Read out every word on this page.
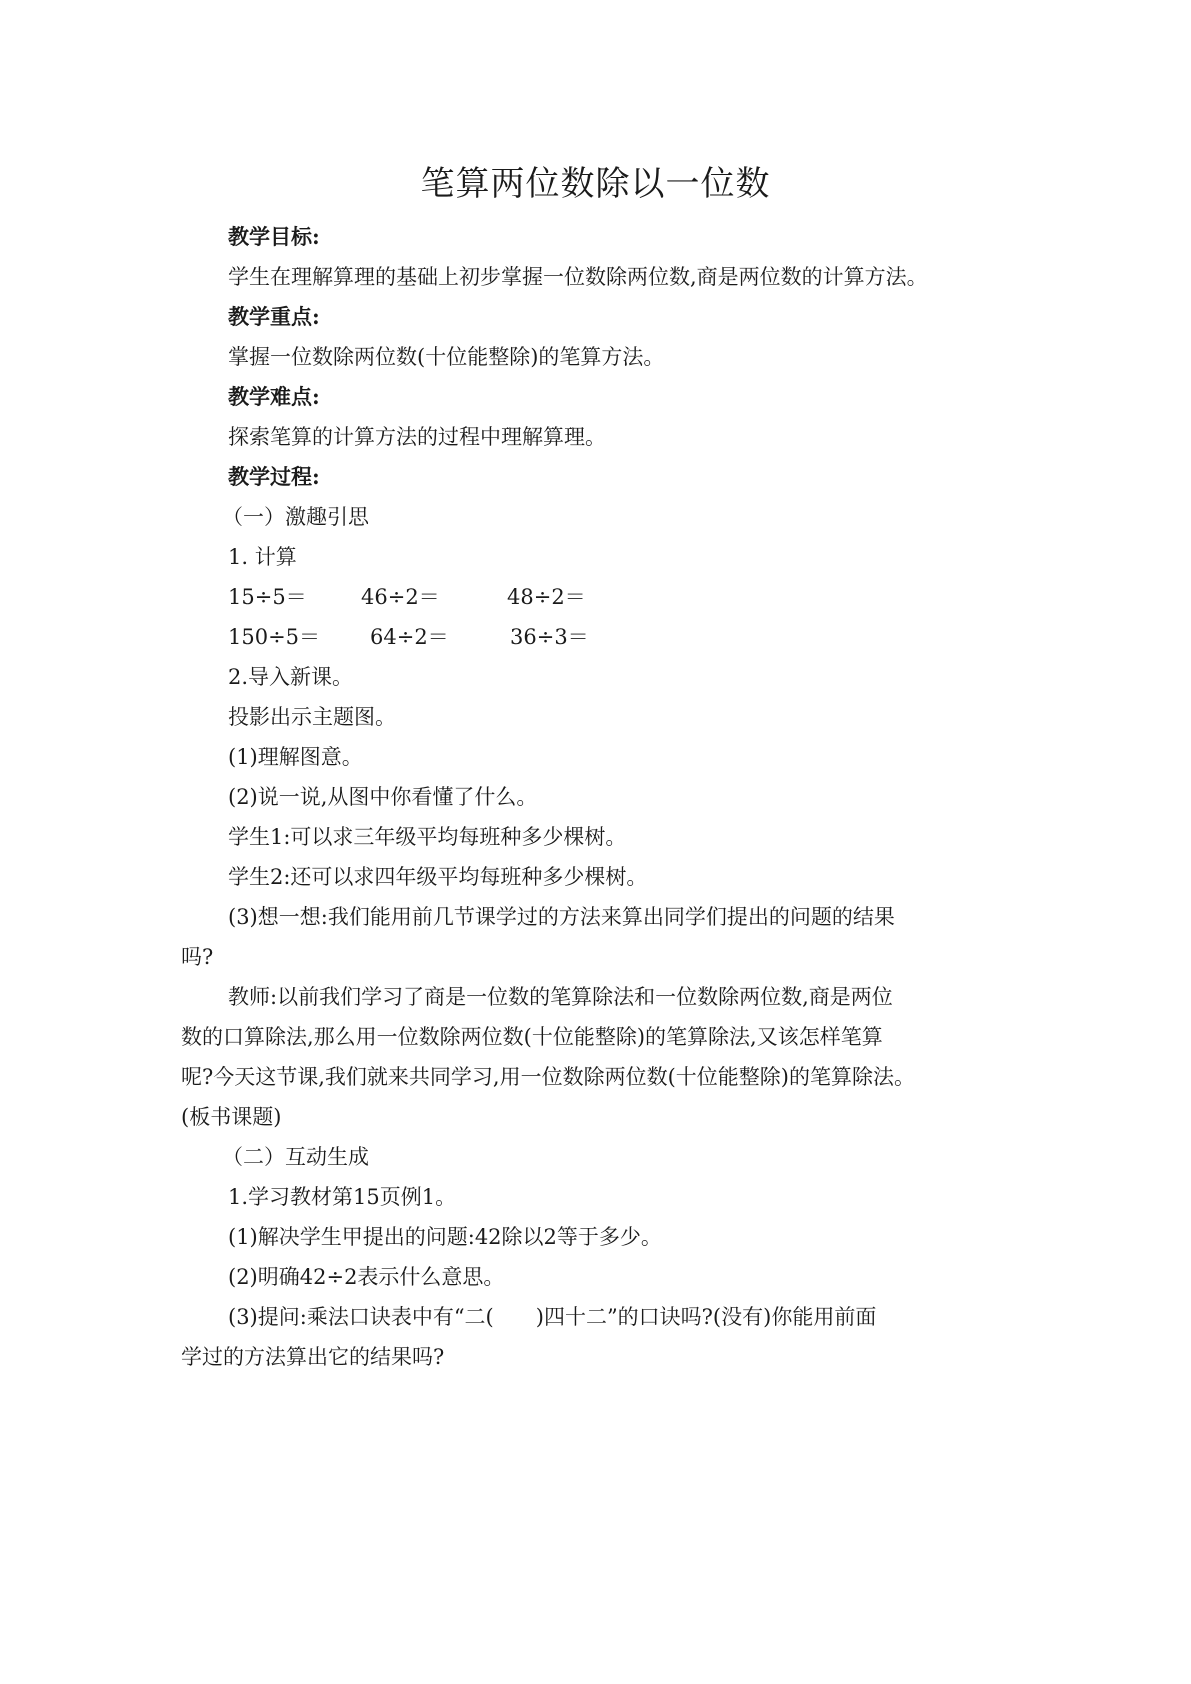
笔算两位数除以一位数
教学目标:
学生在理解算理的基础上初步掌握一位数除两位数,商是两位数的计算方法。
教学重点:
掌握一位数除两位数(十位能整除)的笔算方法。
教学难点:
探索笔算的计算方法的过程中理解算理。
教学过程:
（一）激趣引思
1. 计算
15÷5＝	46÷2＝	48÷2＝
150÷5＝ 64÷2＝	36÷3＝
2.导入新课。
投影出示主题图。
(1)理解图意。
(2)说一说,从图中你看懂了什么。
学生1:可以求三年级平均每班种多少棵树。
学生2:还可以求四年级平均每班种多少棵树。
(3)想一想:我们能用前几节课学过的方法来算出同学们提出的问题的结果
吗?
教师:以前我们学习了商是一位数的笔算除法和一位数除两位数,商是两位
数的口算除法,那么用一位数除两位数(十位能整除)的笔算除法,又该怎样笔算
呢?今天这节课,我们就来共同学习,用一位数除两位数(十位能整除)的笔算除法。
(板书课题)
（二）互动生成
1.学习教材第15页例1。
(1)解决学生甲提出的问题:42除以2等于多少。
(2)明确42÷2表示什么意思。
(3)提问:乘法口诀表中有“二(　　)四十二”的口诀吗?(没有)你能用前面
学过的方法算出它的结果吗?
